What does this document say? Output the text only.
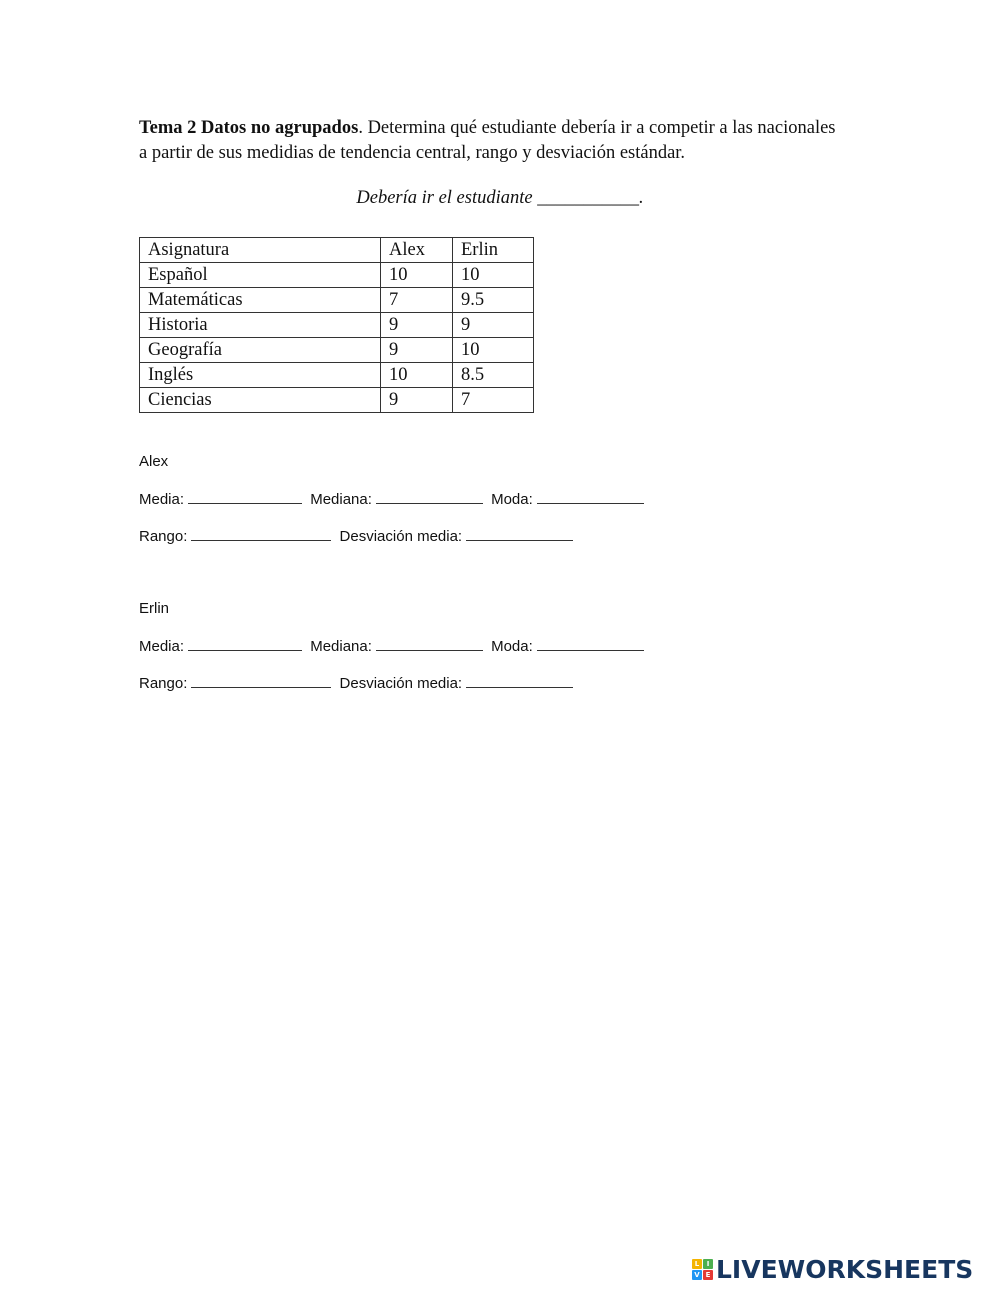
Tema 2 Datos no agrupados. Determina qué estudiante debería ir a competir a las nacionales a partir de sus medidias de tendencia central, rango y desviación estándar.
Debería ir el estudiante ___________.
Asignatura	Alex	Erlin
Español	10	10
Matemáticas	7	9.5
Historia	9	9
Geografía	9	10
Inglés	10	8.5
Ciencias	9	7
Alex
Media:	Mediana:	Moda:
Rango:	Desviación media:
Erlin
Media:	Mediana:	Moda:
Rango:	Desviación media:
L	I
V E LIVEWORKSHEETS
